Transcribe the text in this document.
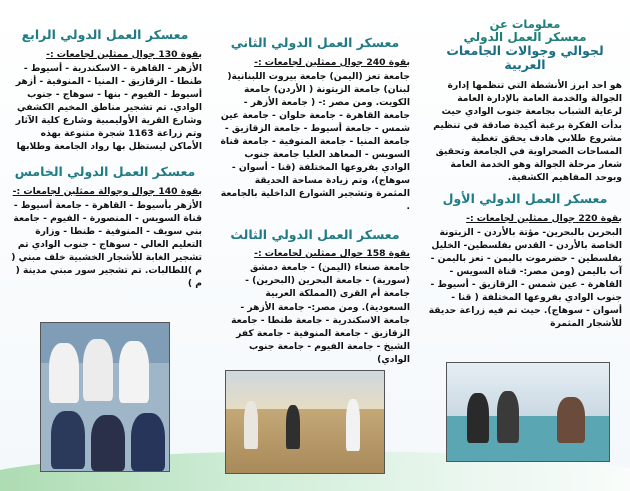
معلومات عن
معسكر العمل الدولي
لجوالي وجوالات الجامعات العربية
هو احد ابرز الأنشطة التي تنظمها إدارة الجوالة والخدمة العامة بالإدارة العامة لرعاية الشباب بجامعة جنوب الوادي حيث بدأت الفكرة برغبة أكيدة صادقة في تنظيم مشروع طلابي هادف يحقق تغطية المساحات الصحراوية في الجامعة وتحقيق شعار مرحلة الجوالة وهو الخدمة العامة وبوحد المفاهيم الكشفية.
معسكر العمل الدولي الأول

بقوة 220 جوال ممثلين لجامعات :-

البحرين بالبحرين- مؤتة بالأردن - الزيتونة الخاصة بالأردن - القدس بفلسطين- الخليل بفلسطين - حضرموت باليمن - تعز باليمن - آب باليمن (ومن مصر:- قناة السويس - القاهرة - عين شمس - الزقازيق - أسيوط - جنوب الوادي بفروعها المختلفة ( قنا - أسوان - سوهاج). حيث تم فيه زراعة حديقة للأشجار المثمرة

معسكر العمل الدولي الثاني

بقوة 240 جوال ممثلين لجامعات :-

جامعة تعز (اليمن) جامعة بيروت اللبنانية( لبنان) جامعة الزيتونة ( الأردن) جامعة الكويت. ومن مصر :- ( جامعة الأزهر - جامعة القاهرة - جامعة حلوان - جامعة عين شمس - جامعة أسيوط - جامعة الزقازيق - جامعة المنيا - جامعة المنوفية - جامعة قناة السويس - المعاهد العليا جامعة جنوب الوادي بفروعها المختلفة (قنا - أسوان - سوهاج)، وتم زيادة مساحة الحديقة المثمرة وتشجير الشوارع الداخلية بالجامعة .

معسكر العمل الدولي الثالث

بقوة 158 جوال ممثلين لجامعات :-

جامعة صنعاء (اليمن) - جامعة دمشق (سورية) - جامعة البحرين (البحرين) - جامعة أم القرى (المملكة العربية السعودية). ومن مصر:- جامعة الأزهر - جامعة الاسكندرية - جامعة طنطا - جامعة الزقازيق - جامعة المنوفية - جامعة كفر الشيخ - جامعة الفيوم - جامعة جنوب الوادي)

معسكر العمل الدولي الرابع

بقوة 130 جوال ممثلين لجامعات :-

الأزهر - القاهرة - الاسكندرية - أسيوط - طنطا - الزقازيق - المنيا - المنوفية - أزهر أسيوط - الفيوم - بنها - سوهاج - جنوب الوادي. تم تشجير مناطق المخيم الكشفي وشارع القرية الأوليمبية وشارع كلية الآثار وتم زراعة 1163 شجرة متنوعة بهذه الأماكن ليستظل بها رواد الجامعة وطلابها

معسكر العمل الدولي الخامس

بقوة 140 جوال وجوالة ممثلين لجامعات :-

الأزهر بأسيوط - القاهرة - جامعة أسيوط - قناة السويس - المنصورة - الفيوم - جامعة بني سويف - المنوفية - طنطا - وزارة التعليم العالي - سوهاج - جنوب الوادي تم تشجير الغابة للأشجار الخشبية خلف مبني ( م )للطالبات. تم تشجير سور مبني مدينة ( م )
